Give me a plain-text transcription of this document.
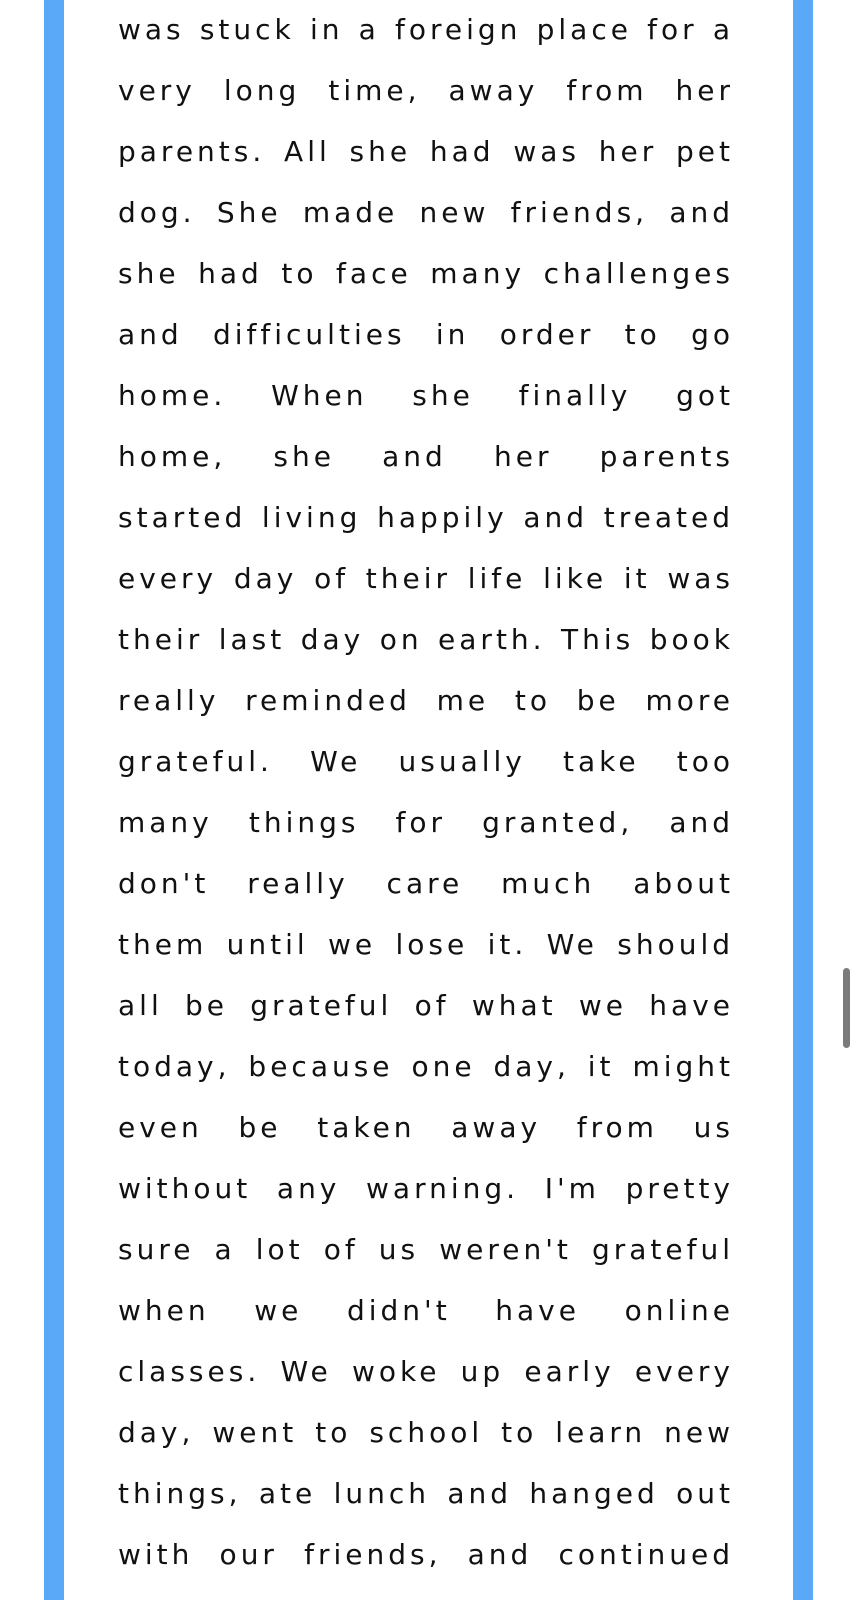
was stuck in a foreign place for a
very long time, away from her
parents. All she had was her pet
dog. She made new friends, and
she had to face many challenges
and difficulties in order to go
home. When she finally got
home, she and her parents
started living happily and treated
every day of their life like it was
their last day on earth. This book
really reminded me to be more
grateful. We usually take too
many things for granted, and
don't really care much about
them until we lose it. We should
all be grateful of what we have
today, because one day, it might
even be taken away from us
without any warning. I'm pretty
sure a lot of us weren't grateful
when we didn't have online
classes. We woke up early every
day, went to school to learn new
things, ate lunch and hanged out
with our friends, and continued
